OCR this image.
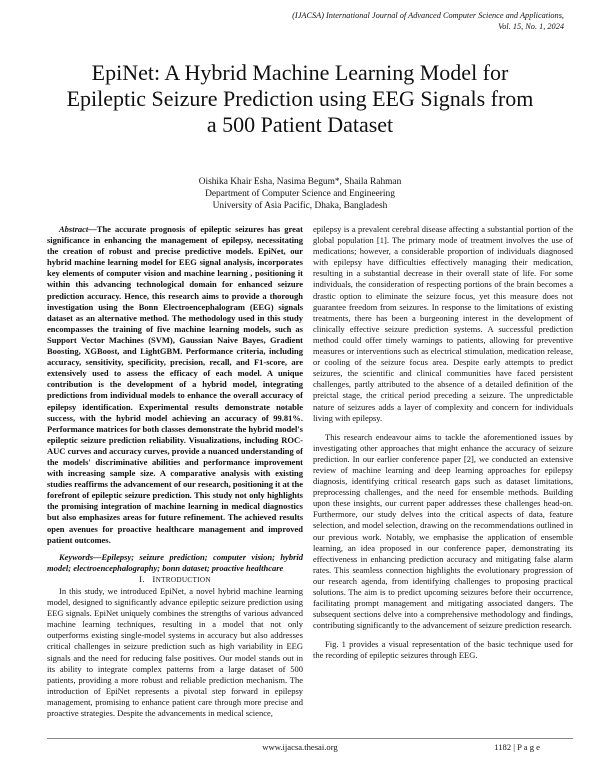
(IJACSA) International Journal of Advanced Computer Science and Applications,
Vol. 15, No. 1, 2024
EpiNet: A Hybrid Machine Learning Model for
Epileptic Seizure Prediction using EEG Signals from
a 500 Patient Dataset
Oishika Khair Esha, Nasima Begum*, Shaila Rahman
Department of Computer Science and Engineering
University of Asia Pacific, Dhaka, Bangladesh

Abstract—The accurate prognosis of epileptic seizures has great significance in enhancing the management of epilepsy, necessitating the creation of robust and precise predictive models. EpiNet, our hybrid machine learning model for EEG signal analysis, incorporates key elements of computer vision and machine learning , positioning it within this advancing technological domain for enhanced seizure prediction accuracy. Hence, this research aims to provide a thorough investigation using the Bonn Electroencephalogram (EEG) signals dataset as an alternative method. The methodology used in this study encompasses the training of five machine learning models, such as Support Vector Machines (SVM), Gaussian Naive Bayes, Gradient Boosting, XGBoost, and LightGBM. Performance criteria, including accuracy, sensitivity, specificity, precision, recall, and F1-score, are extensively used to assess the efficacy of each model. A unique contribution is the development of a hybrid model, integrating predictions from individual models to enhance the overall accuracy of epilepsy identification. Experimental results demonstrate notable success, with the hybrid model achieving an accuracy of 99.81%. Performance matrices for both classes demonstrate the hybrid model's epileptic seizure prediction reliability. Visualizations, including ROC-AUC curves and accuracy curves, provide a nuanced understanding of the models' discriminative abilities and performance improvement with increasing sample size. A comparative analysis with existing studies reaffirms the advancement of our research, positioning it at the forefront of epileptic seizure prediction. This study not only highlights the promising integration of machine learning in medical diagnostics but also emphasizes areas for future refinement. The achieved results open avenues for proactive healthcare management and improved patient outcomes.

Keywords—Epilepsy; seizure prediction; computer vision; hybrid model; electroencephalography; bonn dataset; proactive healthcare

I. INTRODUCTION

In this study, we introduced EpiNet, a novel hybrid machine learning model, designed to significantly advance epileptic seizure prediction using EEG signals. EpiNet uniquely combines the strengths of various advanced machine learning techniques, resulting in a model that not only outperforms existing single-model systems in accuracy but also addresses critical challenges in seizure prediction such as high variability in EEG signals and the need for reducing false positives. Our model stands out in its ability to integrate complex patterns from a large dataset of 500 patients, providing a more robust and reliable prediction mechanism. The introduction of EpiNet represents a pivotal step forward in epilepsy management, promising to enhance patient care through more precise and proactive strategies. Despite the advancements in medical science,

epilepsy is a prevalent cerebral disease affecting a substantial portion of the global population [1]. The primary mode of treatment involves the use of medications; however, a considerable proportion of individuals diagnosed with epilepsy have difficulties effectively managing their medication, resulting in a substantial decrease in their overall state of life. For some individuals, the consideration of respecting portions of the brain becomes a drastic option to eliminate the seizure focus, yet this measure does not guarantee freedom from seizures. In response to the limitations of existing treatments, there has been a burgeoning interest in the development of clinically effective seizure prediction systems. A successful prediction method could offer timely warnings to patients, allowing for preventive measures or interventions such as electrical stimulation, medication release, or cooling of the seizure focus area. Despite early attempts to predict seizures, the scientific and clinical communities have faced persistent challenges, partly attributed to the absence of a detailed definition of the preictal stage, the critical period preceding a seizure. The unpredictable nature of seizures adds a layer of complexity and concern for individuals living with epilepsy.

This research endeavour aims to tackle the aforementioned issues by investigating other approaches that might enhance the accuracy of seizure prediction. In our earlier conference paper [2], we conducted an extensive review of machine learning and deep learning approaches for epilepsy diagnosis, identifying critical research gaps such as dataset limitations, preprocessing challenges, and the need for ensemble methods. Building upon these insights, our current paper addresses these challenges head-on. Furthermore, our study delves into the critical aspects of data, feature selection, and model selection, drawing on the recommendations outlined in our previous work. Notably, we emphasise the application of ensemble learning, an idea proposed in our conference paper, demonstrating its effectiveness in enhancing prediction accuracy and mitigating false alarm rates. This seamless connection highlights the evolutionary progression of our research agenda, from identifying challenges to proposing practical solutions. The aim is to predict upcoming seizures before their occurrence, facilitating prompt management and mitigating associated dangers. The subsequent sections delve into a comprehensive methodology and findings, contributing significantly to the advancement of seizure prediction research.

Fig. 1 provides a visual representation of the basic technique used for the recording of epileptic seizures through EEG.

www.ijacsa.thesai.org	1182 | P a g e
